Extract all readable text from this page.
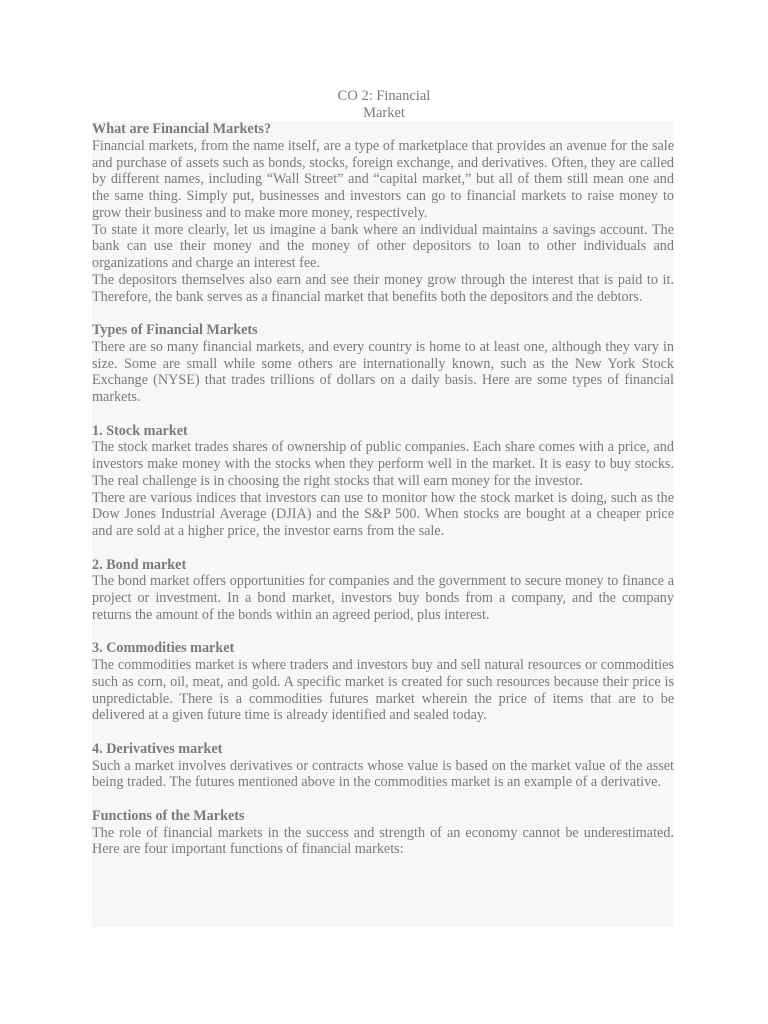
CO 2: Financial
Market
What are Financial Markets?

Financial markets, from the name itself, are a type of marketplace that provides an avenue for the sale and purchase of assets such as bonds, stocks, foreign exchange, and derivatives. Often, they are called by different names, including “Wall Street” and “capital market,” but all of them still mean one and the same thing. Simply put, businesses and investors can go to financial markets to raise money to grow their business and to make more money, respectively.

To state it more clearly, let us imagine a bank where an individual maintains a savings account. The bank can use their money and the money of other depositors to loan to other individuals and organizations and charge an interest fee.

The depositors themselves also earn and see their money grow through the interest that is paid to it. Therefore, the bank serves as a financial market that benefits both the depositors and the debtors.

Types of Financial Markets

There are so many financial markets, and every country is home to at least one, although they vary in size. Some are small while some others are internationally known, such as the New York Stock Exchange (NYSE) that trades trillions of dollars on a daily basis. Here are some types of financial markets.

1. Stock market

The stock market trades shares of ownership of public companies. Each share comes with a price, and investors make money with the stocks when they perform well in the market. It is easy to buy stocks. The real challenge is in choosing the right stocks that will earn money for the investor.

There are various indices that investors can use to monitor how the stock market is doing, such as the Dow Jones Industrial Average (DJIA) and the S&P 500. When stocks are bought at a cheaper price and are sold at a higher price, the investor earns from the sale.

2. Bond market

The bond market offers opportunities for companies and the government to secure money to finance a project or investment. In a bond market, investors buy bonds from a company, and the company returns the amount of the bonds within an agreed period, plus interest.

3. Commodities market

The commodities market is where traders and investors buy and sell natural resources or commodities such as corn, oil, meat, and gold. A specific market is created for such resources because their price is unpredictable. There is a commodities futures market wherein the price of items that are to be delivered at a given future time is already identified and sealed today.

4. Derivatives market

Such a market involves derivatives or contracts whose value is based on the market value of the asset being traded. The futures mentioned above in the commodities market is an example of a derivative.

Functions of the Markets

The role of financial markets in the success and strength of an economy cannot be underestimated. Here are four important functions of financial markets:
